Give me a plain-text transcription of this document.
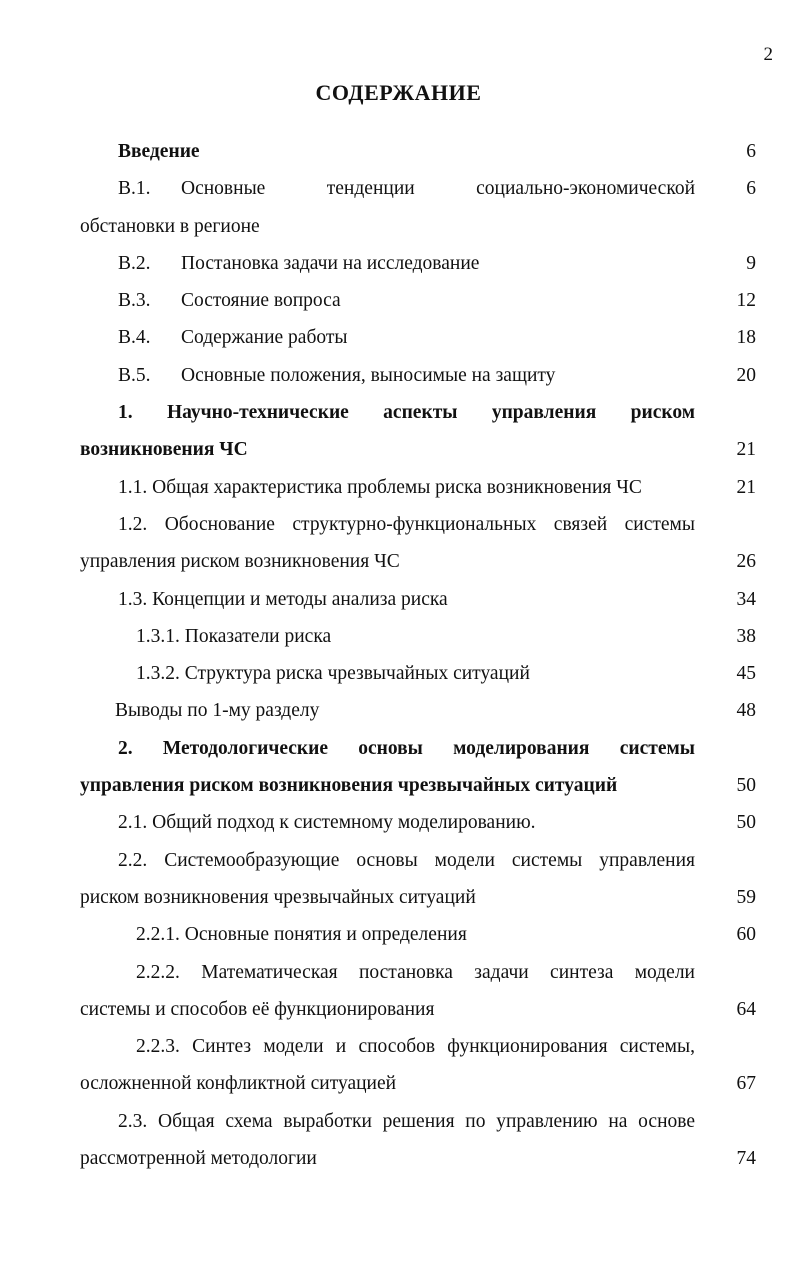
2
СОДЕРЖАНИЕ
Введение	6
В.1. Основные тенденции социально-экономической	6
обстановки в регионе
В.2. Постановка задачи на исследование	9
В.3. Состояние вопроса	12
В.4. Содержание работы	18
В.5. Основные положения, выносимые на защиту	20
1. Научно-технические аспекты управления риском
возникновения ЧС	21
1.1. Общая характеристика проблемы риска возникновения ЧС	21
1.2. Обоснование структурно-функциональных связей системы
управления риском возникновения ЧС	26
1.3. Концепции и методы анализа риска	34
1.3.1. Показатели риска	38
1.3.2. Структура риска чрезвычайных ситуаций	45
Выводы по 1-му разделу	48
2. Методологические основы моделирования системы
управления риском возникновения чрезвычайных ситуаций	50
2.1. Общий подход к системному моделированию.	50
2.2. Системообразующие основы модели системы управления
риском возникновения чрезвычайных ситуаций	59
2.2.1. Основные понятия и определения	60
2.2.2. Математическая постановка задачи синтеза модели
системы и способов её функционирования	64
2.2.3. Синтез модели и способов функционирования системы,
осложненной конфликтной ситуацией	67
2.3. Общая схема выработки решения по управлению на основе
рассмотренной методологии	74
